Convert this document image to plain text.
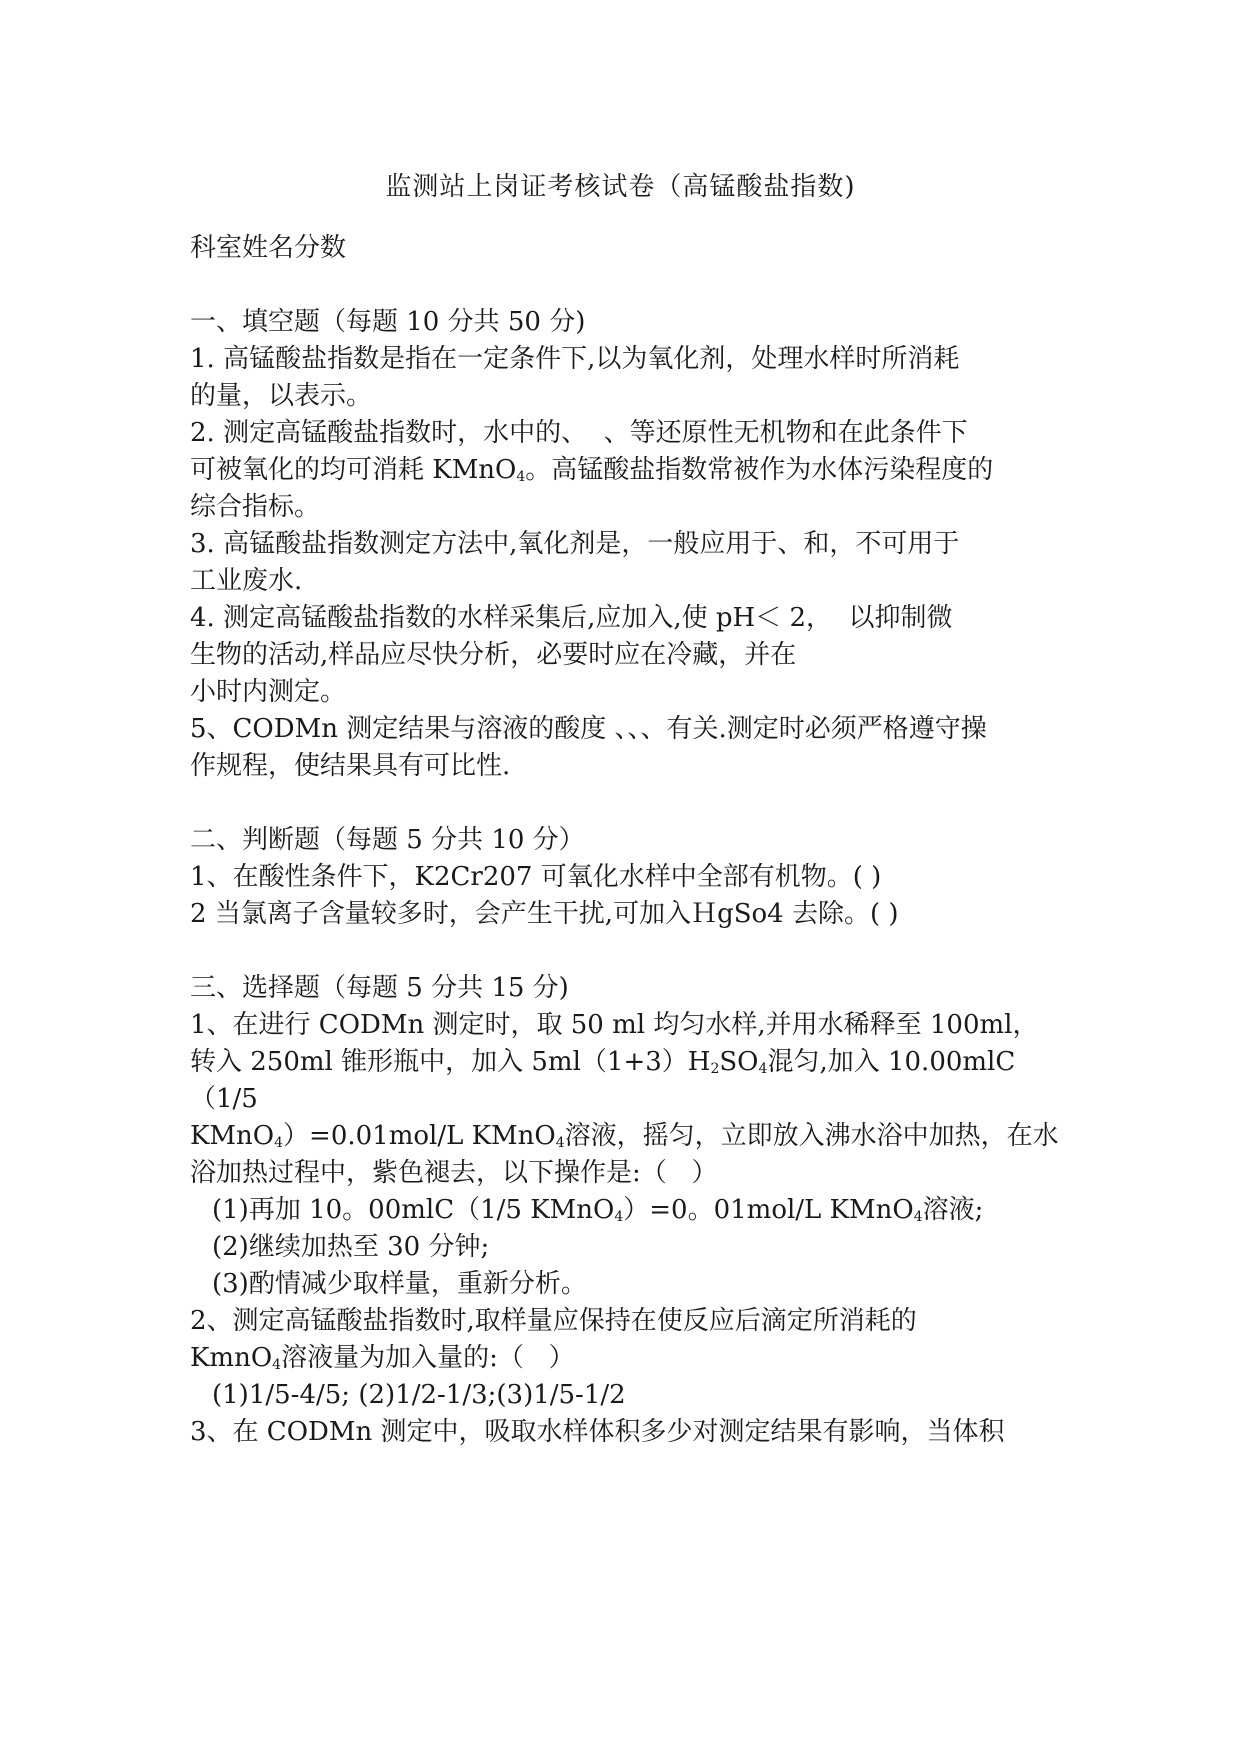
监测站上岗证考核试卷（高锰酸盐指数)

科室姓名分数

一、填空题（每题 10 分共 50 分)

1. 高锰酸盐指数是指在一定条件下,以为氧化剂，处理水样时所消耗

的量，以表示。

2. 测定高锰酸盐指数时，水中的、  、等还原性无机物和在此条件下

可被氧化的均可消耗 KMnO$_4$。高锰酸盐指数常被作为水体污染程度的

综合指标。

3. 高锰酸盐指数测定方法中,氧化剂是，一般应用于、和，不可用于

工业废水.

4. 测定高锰酸盐指数的水样采集后,应加入,使 pH＜ 2，  以抑制微

生物的活动,样品应尽快分析，必要时应在冷藏，并在

小时内测定。

5、CODMn 测定结果与溶液的酸度 、、、有关.测定时必须严格遵守操

作规程，使结果具有可比性.

二、判断题（每题 5 分共 10 分）

1、在酸性条件下，K2Cr207 可氧化水样中全部有机物。( )

2 当氯离子含量较多时，会产生干扰,可加入ＨgSo4 去除。( )

三、选择题（每题 5 分共 15 分)

1、在进行 CODMn 测定时，取 50 ml 均匀水样,并用水稀释至 100ml，

转入 250ml 锥形瓶中，加入 $5ml(1+3)H_2SO_4$混匀,加入 10.00mlC

（1/5

KMnO$_4$）=0.01mol/L KMnO$_4$溶液，摇匀，立即放入沸水浴中加热，在水

浴加热过程中，紫色褪去，以下操作是:（   ）

(1)再加 10。00mlC（1/5 KMnO$_4$）=0。01mol/L KMnO$_4$溶液;

(2)继续加热至 30 分钟;

(3)酌情减少取样量，重新分析。

2、测定高锰酸盐指数时,取样量应保持在使反应后滴定所消耗的

KmnO$_4$溶液量为加入量的:（   ）

(1)1/5-4/5; (2)1/2-1/3;(3)1/5-1/2

3、在 CODMn 测定中，吸取水样体积多少对测定结果有影响，当体积
